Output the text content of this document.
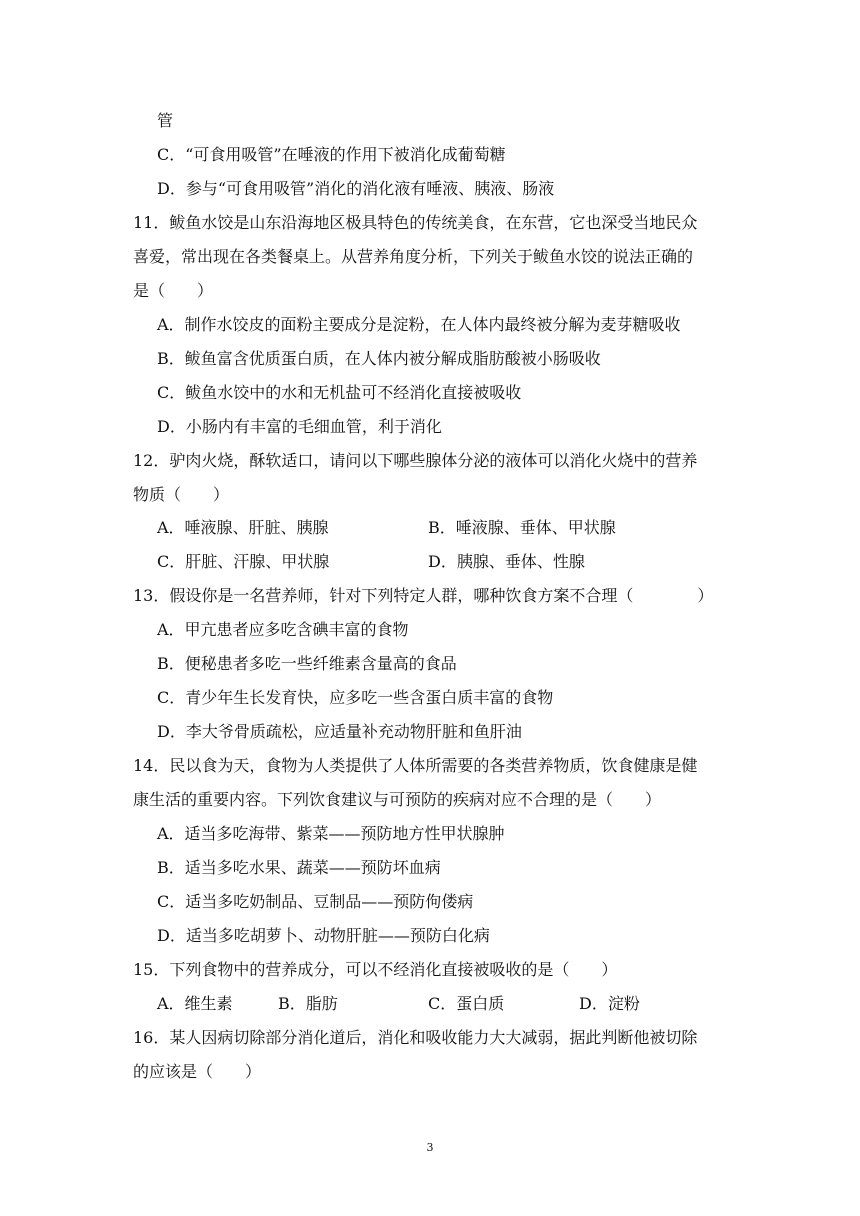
管
C．“可食用吸管”在唾液的作用下被消化成葡萄糖
D．参与“可食用吸管”消化的消化液有唾液、胰液、肠液
11．鲅鱼水饺是山东沿海地区极具特色的传统美食，在东营，它也深受当地民众
喜爱，常出现在各类餐桌上。从营养角度分析，下列关于鲅鱼水饺的说法正确的
是（　　）
A．制作水饺皮的面粉主要成分是淀粉，在人体内最终被分解为麦芽糖吸收
B．鲅鱼富含优质蛋白质，在人体内被分解成脂肪酸被小肠吸收
C．鲅鱼水饺中的水和无机盐可不经消化直接被吸收
D．小肠内有丰富的毛细血管，利于消化
12．驴肉火烧，酥软适口，请问以下哪些腺体分泌的液体可以消化火烧中的营养
物质（　　）
A．唾液腺、肝脏、胰腺	B．唾液腺、垂体、甲状腺
C．肝脏、汗腺、甲状腺	D．胰腺、垂体、性腺
13．假设你是一名营养师，针对下列特定人群，哪种饮食方案不合理（　　　　）
A．甲亢患者应多吃含碘丰富的食物
B．便秘患者多吃一些纤维素含量高的食品
C．青少年生长发育快，应多吃一些含蛋白质丰富的食物
D．李大爷骨质疏松，应适量补充动物肝脏和鱼肝油
14．民以食为天，食物为人类提供了人体所需要的各类营养物质，饮食健康是健
康生活的重要内容。下列饮食建议与可预防的疾病对应不合理的是（　　）
A．适当多吃海带、紫菜——预防地方性甲状腺肿
B．适当多吃水果、蔬菜——预防坏血病
C．适当多吃奶制品、豆制品——预防佝偻病
D．适当多吃胡萝卜、动物肝脏——预防白化病
15．下列食物中的营养成分，可以不经消化直接被吸收的是（　　）
A．维生素	B．脂肪	C．蛋白质	D．淀粉
16．某人因病切除部分消化道后，消化和吸收能力大大减弱，据此判断他被切除
的应该是（　　）
3
